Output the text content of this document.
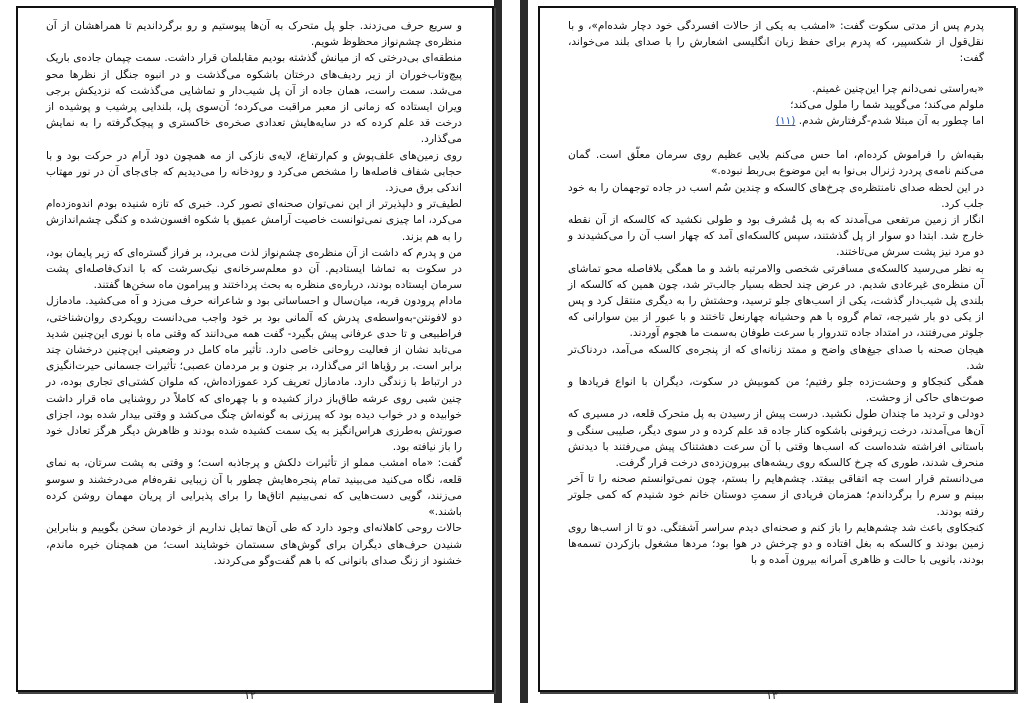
و سریع حرف می‌زدند. جلو پل متحرک به آن‌ها پیوستیم و رو برگرداندیم تا همراهشان از آن منظره‌ی چشم‌نواز محظوظ شویم.

منطقه‌ای بی‌درختی که از میانش گذشته بودیم مقابلمان قرار داشت. سمت چپمان جاده‌ی باریک پیچ‌وتاب‌خوران از زیر ردیف‌های درختان باشکوه می‌گذشت و در انبوه جنگل از نظرها محو می‌شد. سمت راست، همان جاده از آن پل شیب‌دار و تماشایی می‌گذشت که نزدیکش برجی ویران ایستاده که زمانی از معبر مراقبت می‌کرده؛ آن‌سوی پل، بلندایی پرشیب و پوشیده از درخت قد علم کرده که در سایه‌هایش تعدادی صخره‌ی خاکستری و پیچک‌گرفته را به نمایش می‌گذارد.

روی زمین‌های علف‌پوش و کم‌ارتفاع، لایه‌ی نازکی از مه همچون دود آرام در حرکت بود و با حجابی شفاف فاصله‌ها را مشخص می‌کرد و رودخانه را می‌دیدیم که جای‌جای آن در نور مهتاب اندکی برق می‌زد.

لطیف‌تر و دلپذیرتر از این نمی‌توان صحنه‌ای تصور کرد. خبری که تازه شنیده بودم اندوه‌زده‌ام می‌کرد، اما چیزی نمی‌توانست خاصیت آرامش عمیق یا شکوه افسون‌شده و کنگی چشم‌اندازش را به هم بزند.

من و پدرم که داشت از آن منظره‌ی چشم‌نواز لذت می‌برد، بر فراز گستره‌ای که زیر پایمان بود، در سکوت به تماشا ایستادیم. آن دو معلم‌سرخانه‌ی نیک‌سرشت که با اندک‌فاصله‌ای پشت سرمان ایستاده بودند، درباره‌ی منظره به بحث پرداختند و پیرامون ماه سخن‌ها گفتند.

مادام پرودون فربه، میان‌سال و احساساتی بود و شاعرانه حرف می‌زد و آه می‌کشید. مادمازل دو لافونتن-به‌واسطه‌ی پدرش که آلمانی بود بر خود واجب می‌دانست رویکردی روان‌شناختی، فراطبیعی و تا حدی عرفانی پیش بگیرد- گفت همه می‌دانند که وقتی ماه با نوری این‌چنین شدید می‌تابد نشان از فعالیت روحانی خاصی دارد. تأثیر ماه کامل در وضعیتی این‌چنین درخشان چند برابر است. بر رؤیاها اثر می‌گذارد، بر جنون و بر مردمان عصبی؛ تأثیرات جسمانی حیرت‌انگیزی در ارتباط با زندگی دارد. مادمازل تعریف کرد عموزاده‌اش، که ملوان کشتی‌ای تجاری بوده، در چنین شبی روی عرشه طاق‌باز دراز کشیده و با چهره‌ای که کاملاً در روشنایی ماه قرار داشت خوابیده و در خواب دیده بود که پیرزنی به گونه‌اش چنگ می‌کشد و وقتی بیدار شده بود، اجزای صورتش به‌طرزی هراس‌انگیز به یک سمت کشیده شده بودند و ظاهرش دیگر هرگز تعادل خود را باز نیافته بود.

گفت: «ماه امشب مملو از تأثیرات دلکش و پرجاذبه است؛ و وقتی به پشت سرتان، به نمای قلعه، نگاه می‌کنید می‌بینید تمام پنجره‌هایش چطور با آن زیبایی نقره‌فام می‌درخشند و سوسو می‌زنند، گویی دست‌هایی که نمی‌بینیم اتاق‌ها را برای پذیرایی از پریان مهمان روشن کرده باشند.»

حالات روحی کاهلانه‌ای وجود دارد که طی آن‌ها تمایل نداریم از خودمان سخن بگوییم و بنابراین شنیدن حرف‌های دیگران برای گوش‌های سستمان خوشایند است؛ من همچنان خیره ماندم، خشنود از زنگ صدای بانوانی که با هم گفت‌وگو می‌کردند.

۱۲

پدرم پس از مدتی سکوت گفت: «امشب به یکی از حالات افسردگی خود دچار شده‌ام»، و با نقل‌قول از شکسپیر، که پدرم برای حفظ زبان انگلیسی اشعارش را با صدای بلند می‌خواند، گفت:

«به‌راستی نمی‌دانم چرا این‌چنین غمینم.

ملولم می‌کند؛ می‌گویید شما را ملول می‌کند؛

اما چطور به آن مبتلا شدم-گرفتارش شدم. (۱۱)

بقیه‌اش را فراموش کرده‌ام، اما حس می‌کنم بلایی عظیم روی سرمان معلّق است. گمان می‌کنم نامه‌ی پردرد ژنرال بی‌نوا به این موضوع بی‌ربط نبوده.»

در این لحظه صدای نامنتظره‌ی چرخ‌های کالسکه و چندین سُم اسب در جاده توجهمان را به خود جلب کرد.

انگار از زمین مرتفعی می‌آمدند که به پل مُشرف بود و طولی نکشید که کالسکه از آن نقطه خارج شد. ابتدا دو سوار از پل گذشتند، سپس کالسکه‌ای آمد که چهار اسب آن را می‌کشیدند و دو مرد نیز پشت سرش می‌تاختند.

به نظر می‌رسید کالسکه‌ی مسافرتی شخصی والامرتبه باشد و ما همگی بلافاصله محو تماشای آن منظره‌ی غیرعادی شدیم. در عرض چند لحظه بسیار جالب‌تر شد، چون همین که کالسکه از بلندی پل شیب‌دار گذشت، یکی از اسب‌های جلو ترسید، وحشتش را به دیگری منتقل کرد و پس از یکی دو بار شیرجه، تمام گروه با هم وحشیانه چهارنعل تاختند و با عبور از بین سوارانی که جلوتر می‌رفتند، در امتداد جاده تندروار با سرعت طوفان به‌سمت ما هجوم آوردند.

هیجان صحنه با صدای جیغ‌های واضح و ممتد زنانه‌ای که از پنجره‌ی کالسکه می‌آمد، دردناک‌تر شد.

همگی کنجکاو و وحشت‌زده جلو رفتیم؛ من کموبیش در سکوت، دیگران با انواع فریادها و صوت‌های حاکی از وحشت.

دودلی و تردید ما چندان طول نکشید. درست پیش از رسیدن به پل متحرک قلعه، در مسیری که آن‌ها می‌آمدند، درخت زیرفونی باشکوه کنار جاده قد علم کرده و در سوی دیگر، صلیبی سنگی و باستانی افراشته شده‌است که اسب‌ها وقتی با آن سرعت دهشتناک پیش می‌رفتند با دیدنش منحرف شدند، طوری که چرخ کالسکه روی ریشه‌های بیرون‌زده‌ی درخت قرار گرفت.

می‌دانستم قرار است چه اتفاقی بیفتد. چشم‌هایم را بستم، چون نمی‌توانستم صحنه را تا آخر ببینم و سرم را برگرداندم؛ همزمان فریادی از سمتِ دوستان خانم خود شنیدم که کمی جلوتر رفته بودند.

کنجکاوی باعث شد چشم‌هایم را باز کنم و صحنه‌ای دیدم سراسر آشفتگی. دو تا از اسب‌ها روی زمین بودند و کالسکه به بغل افتاده و دو چرخش در هوا بود؛ مردها مشغول بازکردن تسمه‌ها بودند، بانویی با حالت و ظاهری آمرانه بیرون آمده و با

۱۳
